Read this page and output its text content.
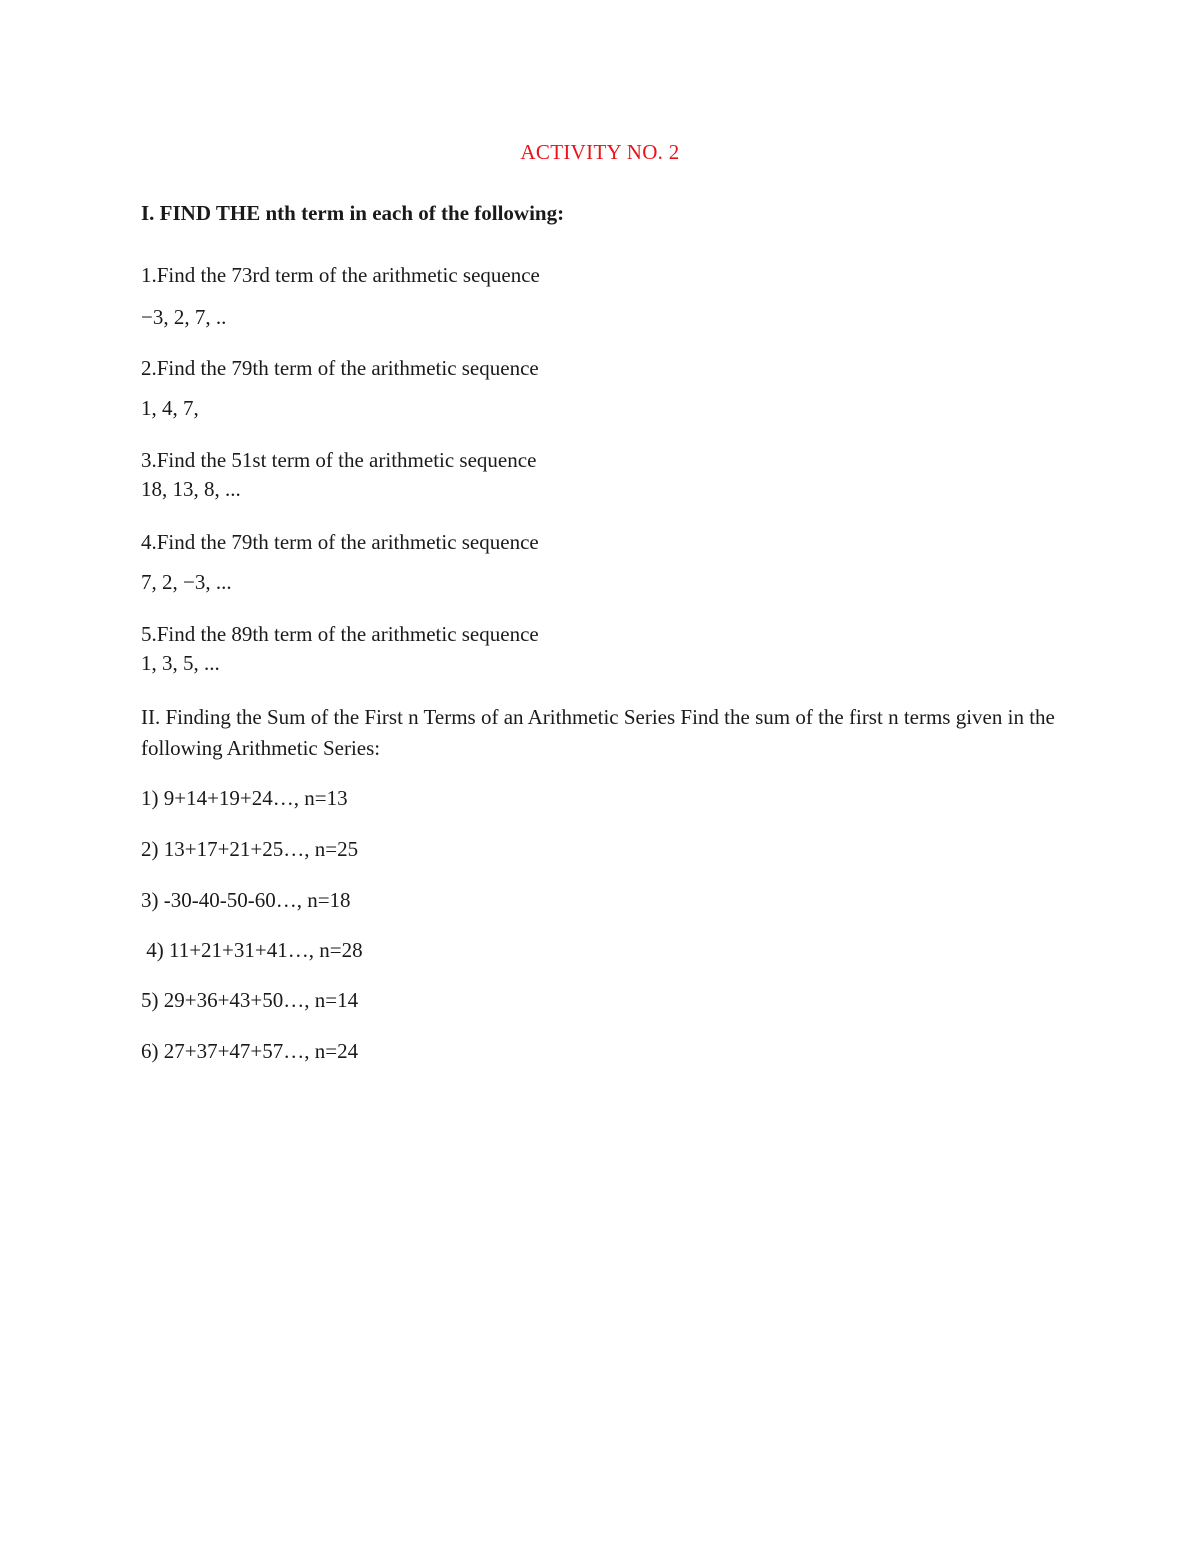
ACTIVITY NO. 2
I. FIND THE nth term in each of the following:
1.Find the 73rd term of the arithmetic sequence
−3, 2, 7, ..
2.Find the 79th term of the arithmetic sequence
1, 4, 7,
3.Find the 51st term of the arithmetic sequence
18, 13, 8, ...
4.Find the 79th term of the arithmetic sequence
7, 2, −3, ...
5.Find the 89th term of the arithmetic sequence
1, 3, 5, ...
II. Finding the Sum of the First n Terms of an Arithmetic Series Find the sum of the first n terms given in the following Arithmetic Series:
1) 9+14+19+24…, n=13
2) 13+17+21+25…, n=25
3) -30-40-50-60…, n=18
4) 11+21+31+41…, n=28
5) 29+36+43+50…, n=14
6) 27+37+47+57…, n=24
